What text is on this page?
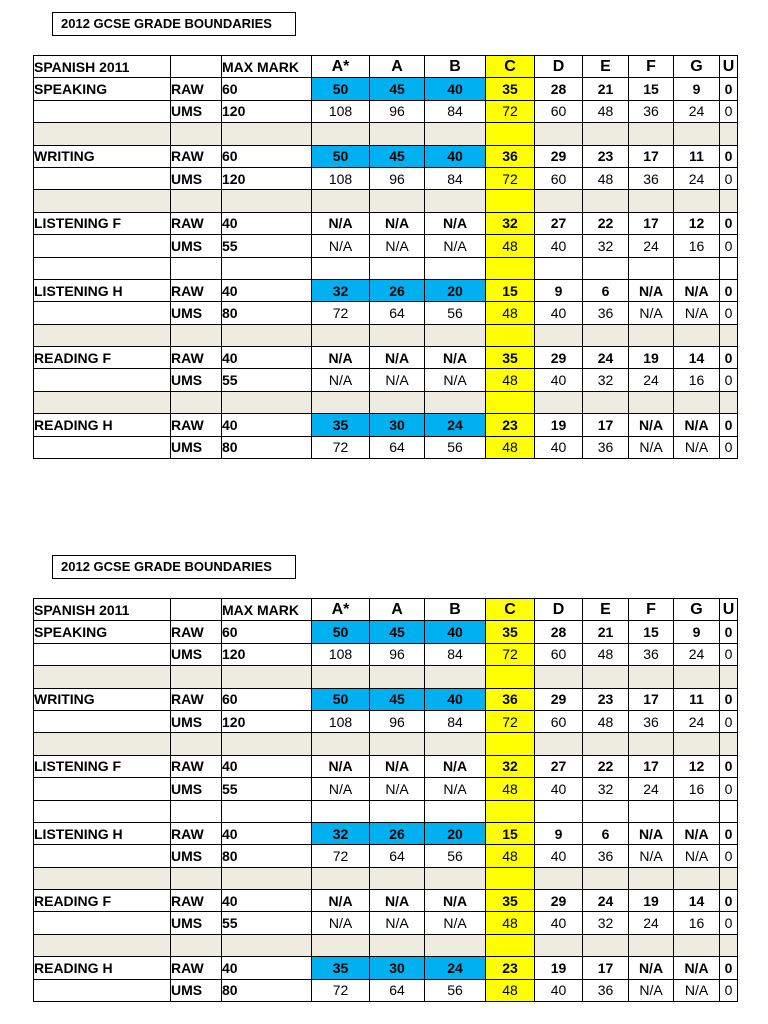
2012 GCSE GRADE BOUNDARIES
SPANISH 2011		MAX MARK	A*	A	B	C	D	E	F	G	U
SPEAKING	RAW	60	50	45	40	35	28	21	15	9	0
	UMS	120	108	96	84	72	60	48	36	24	0

WRITING	RAW	60	50	45	40	36	29	23	17	11	0
	UMS	120	108	96	84	72	60	48	36	24	0

LISTENING F	RAW	40	N/A	N/A	N/A	32	27	22	17	12	0
	UMS	55	N/A	N/A	N/A	48	40	32	24	16	0

LISTENING H	RAW	40	32	26	20	15	9	6	N/A	N/A	0
	UMS	80	72	64	56	48	40	36	N/A	N/A	0

READING F	RAW	40	N/A	N/A	N/A	35	29	24	19	14	0
	UMS	55	N/A	N/A	N/A	48	40	32	24	16	0

READING H	RAW	40	35	30	24	23	19	17	N/A	N/A	0
	UMS	80	72	64	56	48	40	36	N/A	N/A	0
2012 GCSE GRADE BOUNDARIES
SPANISH 2011		MAX MARK	A*	A	B	C	D	E	F	G	U
SPEAKING	RAW	60	50	45	40	35	28	21	15	9	0
	UMS	120	108	96	84	72	60	48	36	24	0

WRITING	RAW	60	50	45	40	36	29	23	17	11	0
	UMS	120	108	96	84	72	60	48	36	24	0

LISTENING F	RAW	40	N/A	N/A	N/A	32	27	22	17	12	0
	UMS	55	N/A	N/A	N/A	48	40	32	24	16	0

LISTENING H	RAW	40	32	26	20	15	9	6	N/A	N/A	0
	UMS	80	72	64	56	48	40	36	N/A	N/A	0

READING F	RAW	40	N/A	N/A	N/A	35	29	24	19	14	0
	UMS	55	N/A	N/A	N/A	48	40	32	24	16	0

READING H	RAW	40	35	30	24	23	19	17	N/A	N/A	0
	UMS	80	72	64	56	48	40	36	N/A	N/A	0
